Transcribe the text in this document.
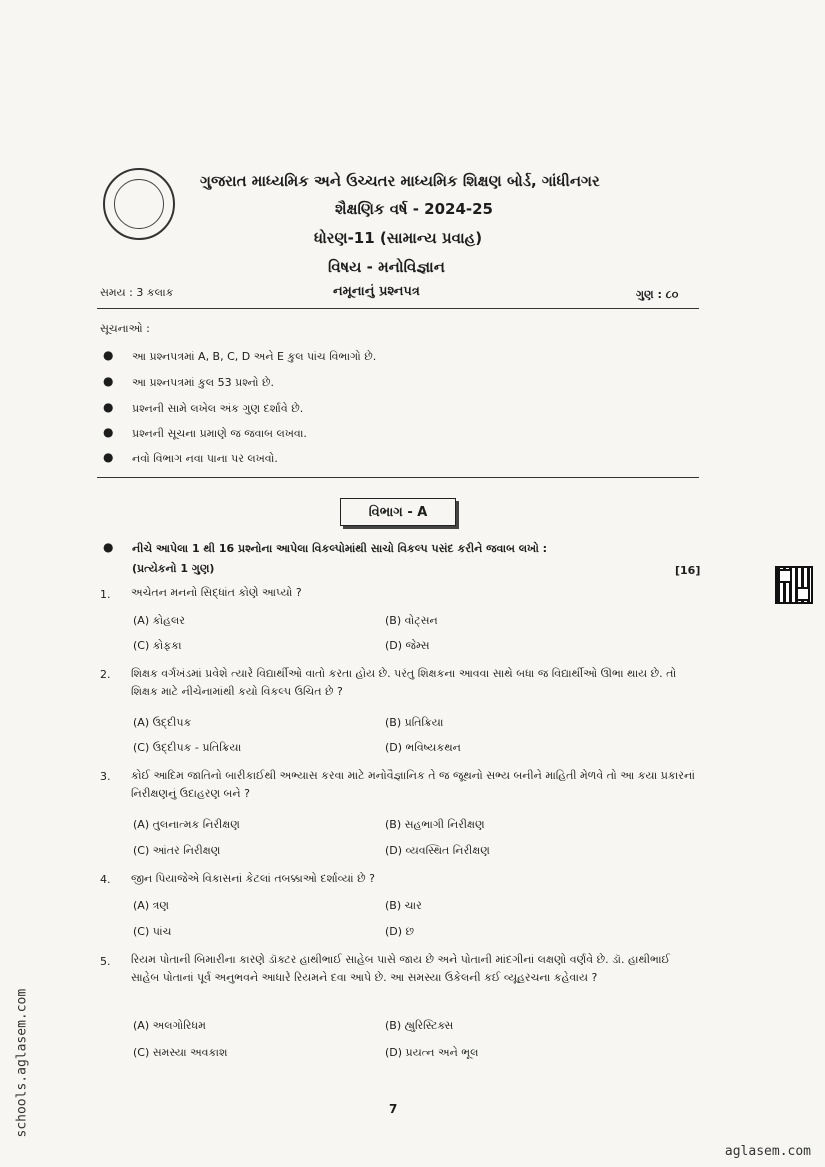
ગુજરાત માધ્યમિક અને ઉચ્ચતર માધ્યમિક શિક્ષણ બોર્ડ, ગાંધીનગર
શૈક્ષણિક વર્ષ - 2024-25
ધોરણ-11 (સામાન્ય પ્રવાહ)
વિષય - મનોવિજ્ઞાન
સમય : 3 કલાક	નમૂનાનું પ્રશ્નપત્ર	ગુણ : ૮૦
સૂચનાઓ :
● આ પ્રશ્નપત્રમાં A, B, C, D અને E કુલ પાંચ વિભાગો છે.
● આ પ્રશ્નપત્રમાં કુલ 53 પ્રશ્નો છે.
● પ્રશ્નની સામે લખેલ અંક ગુણ દર્શાવે છે.
● પ્રશ્નની સૂચના પ્રમાણે જ જવાબ લખવા.
● નવો વિભાગ નવા પાના પર લખવો.
વિભાગ - A
● નીચે આપેલા 1 થી 16 પ્રશ્નોના આપેલા વિકલ્પોમાંથી સાચો વિકલ્પ પસંદ કરીને જવાબ લખો :
(પ્રત્યેકનો 1 ગુણ)	[16]
1. અચેતન મનનો સિદ્ધાંત કોણે આપ્યો ?
(A) કોહલર	(B) વોટ્સન
(C) કોફકા	(D) જેમ્સ
2. શિક્ષક વર્ગખંડમાં પ્રવેશે ત્યારે વિદ્યાર્થીઓ વાતો કરતા હોય છે. પરંતુ શિક્ષકના આવવા સાથે બધા જ વિદ્યાર્થીઓ ઊભા થાય છે. તો શિક્ષક માટે નીચેનામાંથી કયો વિકલ્પ ઉચિત છે ?
(A) ઉદ્દીપક	(B) પ્રતિક્રિયા
(C) ઉદ્દીપક - પ્રતિક્રિયા	(D) ભવિષ્યકથન
3. કોઈ આદિમ જાતિનો બારીકાઈથી અભ્યાસ કરવા માટે મનોવૈજ્ઞાનિક તે જ જૂથનો સભ્ય બનીને માહિતી મેળવે તો આ કયા પ્રકારનાં નિરીક્ષણનું ઉદાહરણ બને ?
(A) તુલનાત્મક નિરીક્ષણ	(B) સહભાગી નિરીક્ષણ
(C) આંતર નિરીક્ષણ	(D) વ્યવસ્થિત નિરીક્ષણ
4. જીન પિયાજેએ વિકાસનાં કેટલાં તબક્કાઓ દર્શાવ્યાં છે ?
(A) ત્રણ	(B) ચાર
(C) પાંચ	(D) છ
5. રિયમ પોતાની બિમારીના કારણે ડૉક્ટર હાથીભાઈ સાહેબ પાસે જાય છે અને પોતાની માંદગીનાં લક્ષણો વર્ણવે છે. ડૉ. હાથીભાઈ સાહેબ પોતાનાં પૂર્વ અનુભવને આધારે રિયમને દવા આપે છે. આ સમસ્યા ઉકેલની કઈ વ્યૂહરચના કહેવાય ?
(A) અલગોરિધમ	(B) હ્યુરિસ્ટિક્સ
(C) સમસ્યા અવકાશ	(D) પ્રયત્ન અને ભૂલ
7
schools.aglasem.com
aglasem.com
